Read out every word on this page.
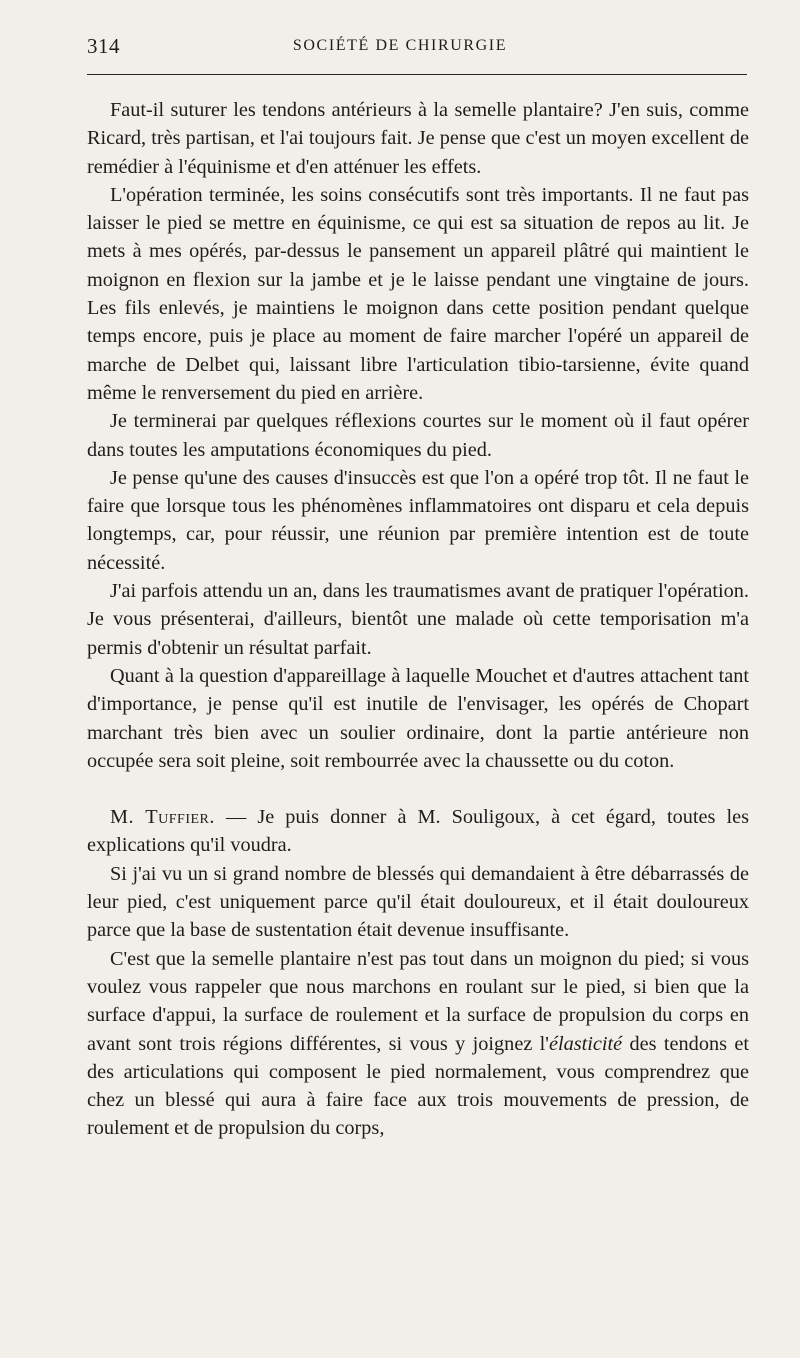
314	SOCIÉTÉ DE CHIRURGIE

Faut-il suturer les tendons antérieurs à la semelle plantaire? J'en suis, comme Ricard, très partisan, et l'ai toujours fait. Je pense que c'est un moyen excellent de remédier à l'équinisme et d'en atténuer les effets.

L'opération terminée, les soins consécutifs sont très importants. Il ne faut pas laisser le pied se mettre en équinisme, ce qui est sa situation de repos au lit. Je mets à mes opérés, par-dessus le pansement un appareil plâtré qui maintient le moignon en flexion sur la jambe et je le laisse pendant une vingtaine de jours. Les fils enlevés, je maintiens le moignon dans cette position pendant quelque temps encore, puis je place au moment de faire marcher l'opéré un appareil de marche de Delbet qui, laissant libre l'articulation tibio-tarsienne, évite quand même le renversement du pied en arrière.

Je terminerai par quelques réflexions courtes sur le moment où il faut opérer dans toutes les amputations économiques du pied.

Je pense qu'une des causes d'insuccès est que l'on a opéré trop tôt. Il ne faut le faire que lorsque tous les phénomènes inflammatoires ont disparu et cela depuis longtemps, car, pour réussir, une réunion par première intention est de toute nécessité.

J'ai parfois attendu un an, dans les traumatismes avant de pratiquer l'opération. Je vous présenterai, d'ailleurs, bientôt une malade où cette temporisation m'a permis d'obtenir un résultat parfait.

Quant à la question d'appareillage à laquelle Mouchet et d'autres attachent tant d'importance, je pense qu'il est inutile de l'envisager, les opérés de Chopart marchant très bien avec un soulier ordinaire, dont la partie antérieure non occupée sera soit pleine, soit rembourrée avec la chaussette ou du coton.

M. Tuffier. — Je puis donner à M. Souligoux, à cet égard, toutes les explications qu'il voudra.

Si j'ai vu un si grand nombre de blessés qui demandaient à être débarrassés de leur pied, c'est uniquement parce qu'il était douloureux, et il était douloureux parce que la base de sustentation était devenue insuffisante.

C'est que la semelle plantaire n'est pas tout dans un moignon du pied; si vous voulez vous rappeler que nous marchons en roulant sur le pied, si bien que la surface d'appui, la surface de roulement et la surface de propulsion du corps en avant sont trois régions différentes, si vous y joignez l'élasticité des tendons et des articulations qui composent le pied normalement, vous comprendrez que chez un blessé qui aura à faire face aux trois mouvements de pression, de roulement et de propulsion du corps,
